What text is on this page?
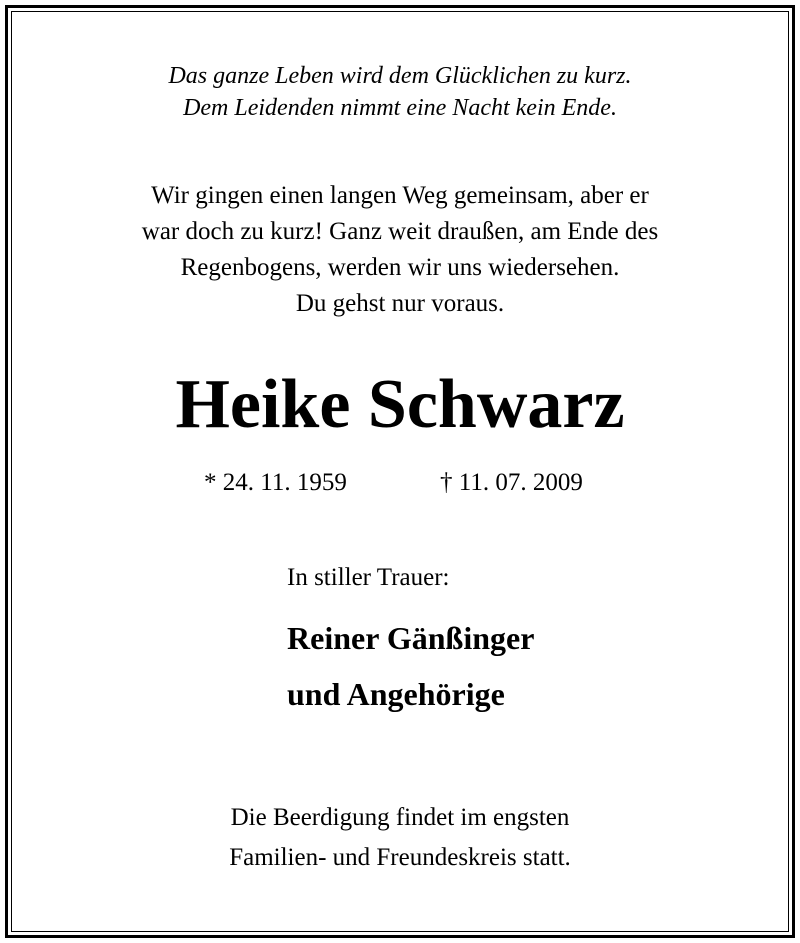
Das ganze Leben wird dem Glücklichen zu kurz.
Dem Leidenden nimmt eine Nacht kein Ende.
Wir gingen einen langen Weg gemeinsam, aber er
war doch zu kurz! Ganz weit draußen, am Ende des
Regenbogens, werden wir uns wiedersehen.
Du gehst nur voraus.
Heike Schwarz
* 24. 11. 1959	† 11. 07. 2009
In stiller Trauer:
Reiner Gänßinger
und Angehörige
Die Beerdigung findet im engsten
Familien- und Freundeskreis statt.
